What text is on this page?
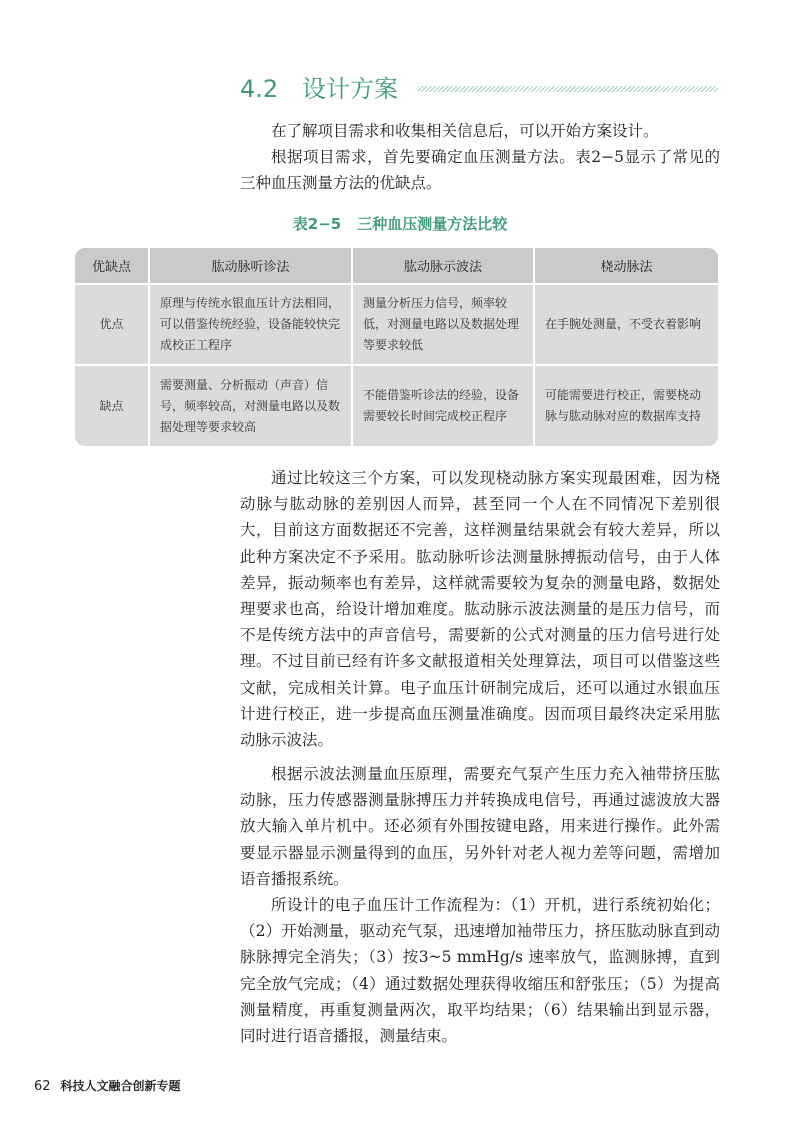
4.2 设计方案

在了解项目需求和收集相关信息后，可以开始方案设计。

根据项目需求，首先要确定血压测量方法。表2−5显示了常见的三种血压测量方法的优缺点。

表2−5 三种血压测量方法比较
优缺点	肱动脉听诊法	肱动脉示波法	桡动脉法
优点	原理与传统水银血压计方法相同，可以借鉴传统经验，设备能较快完成校正工程序	测量分析压力信号，频率较低，对测量电路以及数据处理等要求较低	在手腕处测量，不受衣着影响
缺点	需要测量、分析振动（声音）信号，频率较高，对测量电路以及数据处理等要求较高	不能借鉴听诊法的经验，设备需要较长时间完成校正程序	可能需要进行校正，需要桡动脉与肱动脉对应的数据库支持

通过比较这三个方案，可以发现桡动脉方案实现最困难，因为桡动脉与肱动脉的差别因人而异，甚至同一个人在不同情况下差别很大，目前这方面数据还不完善，这样测量结果就会有较大差异，所以此种方案决定不予采用。肱动脉听诊法测量脉搏振动信号，由于人体差异，振动频率也有差异，这样就需要较为复杂的测量电路，数据处理要求也高，给设计增加难度。肱动脉示波法测量的是压力信号，而不是传统方法中的声音信号，需要新的公式对测量的压力信号进行处理。不过目前已经有许多文献报道相关处理算法，项目可以借鉴这些文献，完成相关计算。电子血压计研制完成后，还可以通过水银血压计进行校正，进一步提高血压测量准确度。因而项目最终决定采用肱动脉示波法。

根据示波法测量血压原理，需要充气泵产生压力充入袖带挤压肱动脉，压力传感器测量脉搏压力并转换成电信号，再通过滤波放大器放大输入单片机中。还必须有外围按键电路，用来进行操作。此外需要显示器显示测量得到的血压，另外针对老人视力差等问题，需增加语音播报系统。

所设计的电子血压计工作流程为：（1）开机，进行系统初始化；（2）开始测量，驱动充气泵，迅速增加袖带压力，挤压肱动脉直到动脉脉搏完全消失；（3）按3~5 mmHg/s 速率放气，监测脉搏，直到完全放气完成；（4）通过数据处理获得收缩压和舒张压；（5）为提高测量精度，再重复测量两次，取平均结果；（6）结果输出到显示器，同时进行语音播报，测量结束。

62 科技人文融合创新专题
